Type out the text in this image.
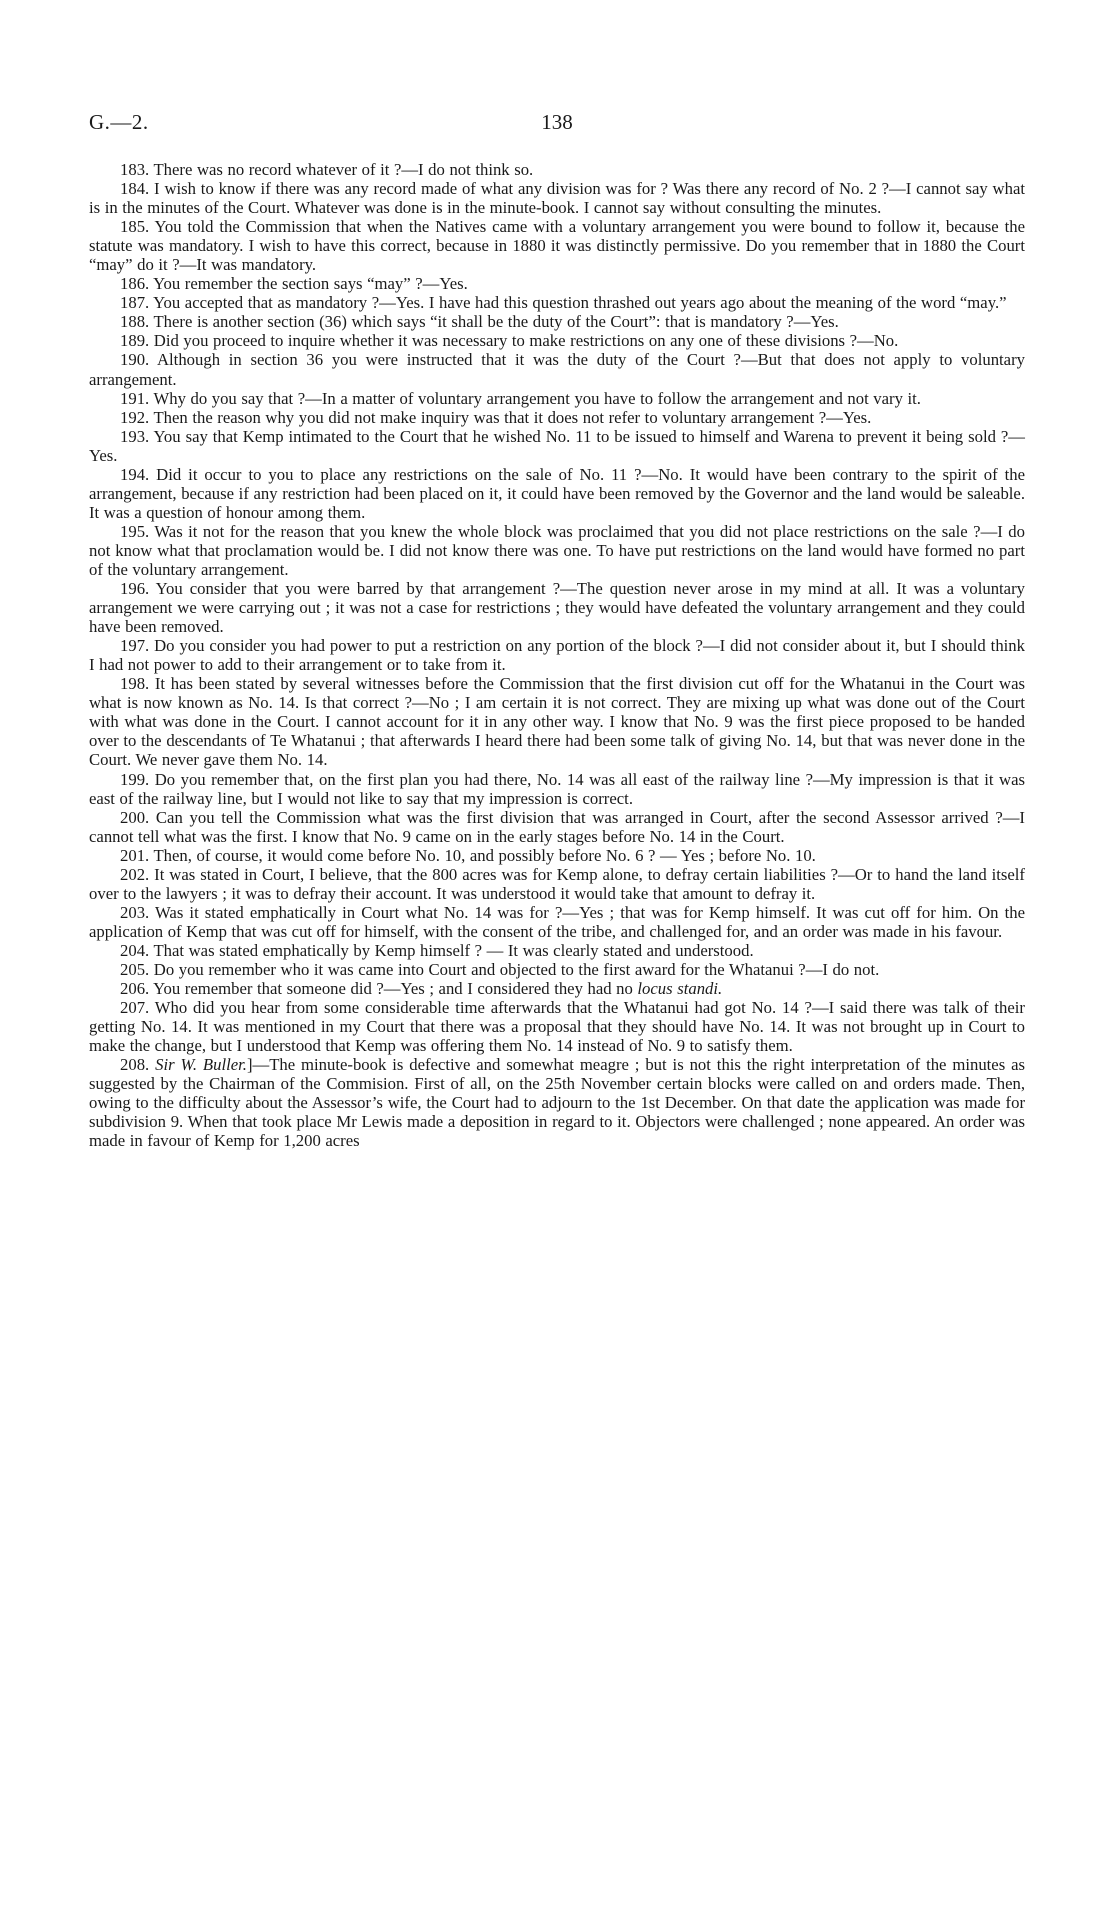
G.—2.	138

183. There was no record whatever of it ?—I do not think so.

184. I wish to know if there was any record made of what any division was for ? Was there any record of No. 2 ?—I cannot say what is in the minutes of the Court. Whatever was done is in the minute-book. I cannot say without consulting the minutes.

185. You told the Commission that when the Natives came with a voluntary arrangement you were bound to follow it, because the statute was mandatory. I wish to have this correct, because in 1880 it was distinctly permissive. Do you remember that in 1880 the Court “may” do it ?—It was mandatory.

186. You remember the section says “may” ?—Yes.

187. You accepted that as mandatory ?—Yes. I have had this question thrashed out years ago about the meaning of the word “may.”

188. There is another section (36) which says “it shall be the duty of the Court”: that is mandatory ?—Yes.

189. Did you proceed to inquire whether it was necessary to make restrictions on any one of these divisions ?—No.

190. Although in section 36 you were instructed that it was the duty of the Court ?—But that does not apply to voluntary arrangement.

191. Why do you say that ?—In a matter of voluntary arrangement you have to follow the arrangement and not vary it.

192. Then the reason why you did not make inquiry was that it does not refer to voluntary arrangement ?—Yes.

193. You say that Kemp intimated to the Court that he wished No. 11 to be issued to himself and Warena to prevent it being sold ?—Yes.

194. Did it occur to you to place any restrictions on the sale of No. 11 ?—No. It would have been contrary to the spirit of the arrangement, because if any restriction had been placed on it, it could have been removed by the Governor and the land would be saleable. It was a question of honour among them.

195. Was it not for the reason that you knew the whole block was proclaimed that you did not place restrictions on the sale ?—I do not know what that proclamation would be. I did not know there was one. To have put restrictions on the land would have formed no part of the voluntary arrangement.

196. You consider that you were barred by that arrangement ?—The question never arose in my mind at all. It was a voluntary arrangement we were carrying out ; it was not a case for restrictions ; they would have defeated the voluntary arrangement and they could have been removed.

197. Do you consider you had power to put a restriction on any portion of the block ?—I did not consider about it, but I should think I had not power to add to their arrangement or to take from it.

198. It has been stated by several witnesses before the Commission that the first division cut off for the Whatanui in the Court was what is now known as No. 14. Is that correct ?—No ; I am certain it is not correct. They are mixing up what was done out of the Court with what was done in the Court. I cannot account for it in any other way. I know that No. 9 was the first piece proposed to be handed over to the descendants of Te Whatanui ; that afterwards I heard there had been some talk of giving No. 14, but that was never done in the Court. We never gave them No. 14.

199. Do you remember that, on the first plan you had there, No. 14 was all east of the railway line ?—My impression is that it was east of the railway line, but I would not like to say that my impression is correct.

200. Can you tell the Commission what was the first division that was arranged in Court, after the second Assessor arrived ?—I cannot tell what was the first. I know that No. 9 came on in the early stages before No. 14 in the Court.

201. Then, of course, it would come before No. 10, and possibly before No. 6 ? — Yes ; before No. 10.

202. It was stated in Court, I believe, that the 800 acres was for Kemp alone, to defray certain liabilities ?—Or to hand the land itself over to the lawyers ; it was to defray their account. It was understood it would take that amount to defray it.

203. Was it stated emphatically in Court what No. 14 was for ?—Yes ; that was for Kemp himself. It was cut off for him. On the application of Kemp that was cut off for himself, with the consent of the tribe, and challenged for, and an order was made in his favour.

204. That was stated emphatically by Kemp himself ? — It was clearly stated and understood.

205. Do you remember who it was came into Court and objected to the first award for the Whatanui ?—I do not.

206. You remember that someone did ?—Yes ; and I considered they had no locus standi.

207. Who did you hear from some considerable time afterwards that the Whatanui had got No. 14 ?—I said there was talk of their getting No. 14. It was mentioned in my Court that there was a proposal that they should have No. 14. It was not brought up in Court to make the change, but I understood that Kemp was offering them No. 14 instead of No. 9 to satisfy them.

208. Sir W. Buller.]—The minute-book is defective and somewhat meagre ; but is not this the right interpretation of the minutes as suggested by the Chairman of the Commision. First of all, on the 25th November certain blocks were called on and orders made. Then, owing to the difficulty about the Assessor’s wife, the Court had to adjourn to the 1st December. On that date the application was made for subdivision 9. When that took place Mr Lewis made a deposition in regard to it. Objectors were challenged ; none appeared. An order was made in favour of Kemp for 1,200 acres
